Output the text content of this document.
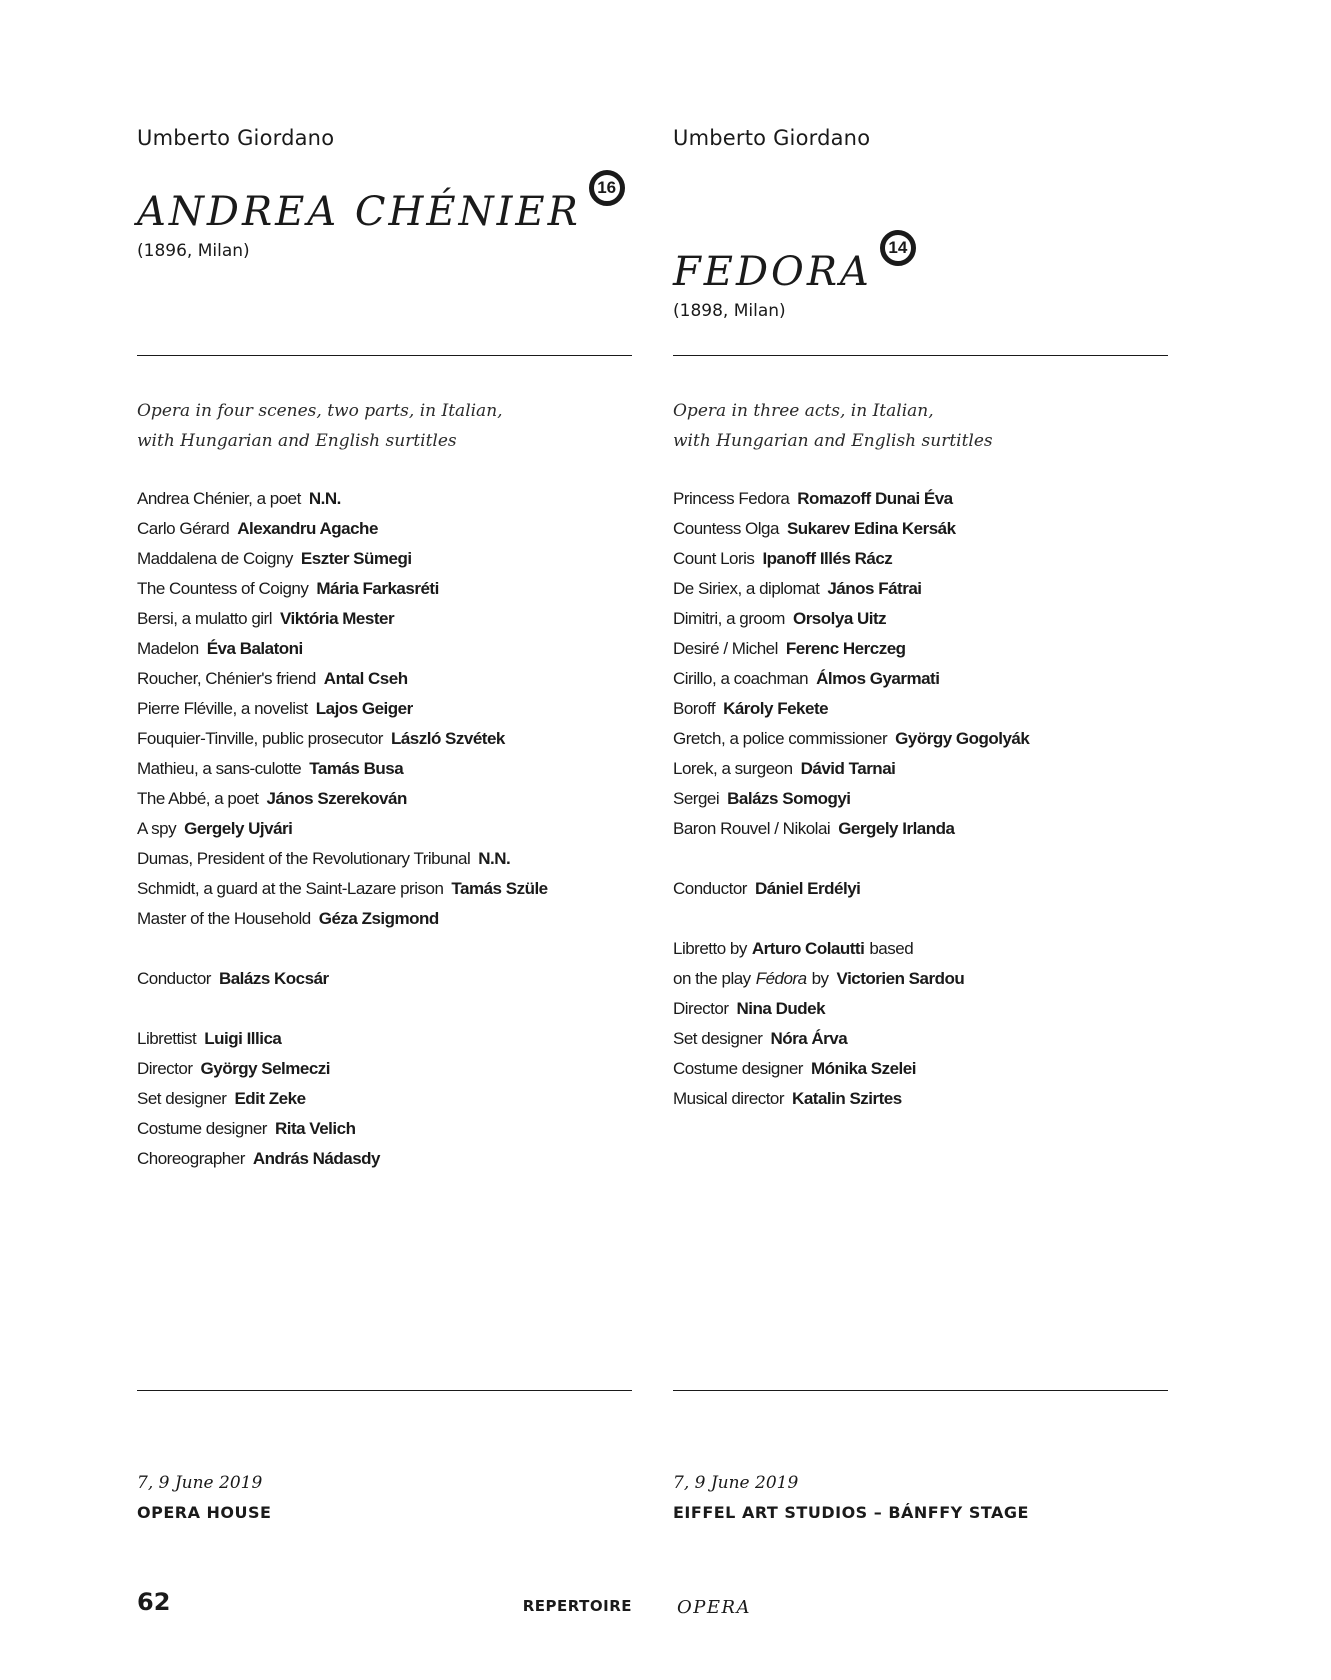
Umberto Giordano
ANDREA CHÉNIER
16
(1896, Milan)
Opera in four scenes, two parts, in Italian,
with Hungarian and English surtitles
Andrea Chénier, a poet N.N.
Carlo Gérard Alexandru Agache
Maddalena de Coigny Eszter Sümegi
The Countess of Coigny Mária Farkasréti
Bersi, a mulatto girl Viktória Mester
Madelon Éva Balatoni
Roucher, Chénier's friend Antal Cseh
Pierre Fléville, a novelist Lajos Geiger
Fouquier-Tinville, public prosecutor László Szvétek
Mathieu, a sans-culotte Tamás Busa
The Abbé, a poet János Szerekován
A spy Gergely Ujvári
Dumas, President of the Revolutionary Tribunal N.N.
Schmidt, a guard at the Saint-Lazare prison Tamás Szüle
Master of the Household Géza Zsigmond
Conductor Balázs Kocsár
Librettist Luigi Illica
Director György Selmeczi
Set designer Edit Zeke
Costume designer Rita Velich
Choreographer András Nádasdy
7, 9 June 2019
OPERA HOUSE
Umberto Giordano
FEDORA
14
(1898, Milan)
Opera in three acts, in Italian,
with Hungarian and English surtitles
Princess Fedora Romazoff Dunai Éva
Countess Olga Sukarev Edina Kersák
Count Loris Ipanoff Illés Rácz
De Siriex, a diplomat János Fátrai
Dimitri, a groom Orsolya Uitz
Desiré / Michel Ferenc Herczeg
Cirillo, a coachman Álmos Gyarmati
Boroff Károly Fekete
Gretch, a police commissioner György Gogolyák
Lorek, a surgeon Dávid Tarnai
Sergei Balázs Somogyi
Baron Rouvel / Nikolai Gergely Irlanda
Conductor Dániel Erdélyi
Libretto by Arturo Colautti based
on the play Fédora by Victorien Sardou
Director Nina Dudek
Set designer Nóra Árva
Costume designer Mónika Szelei
Musical director Katalin Szirtes
7, 9 June 2019
EIFFEL ART STUDIOS – BÁNFFY STAGE
62	REPERTOIRE	OPERA
